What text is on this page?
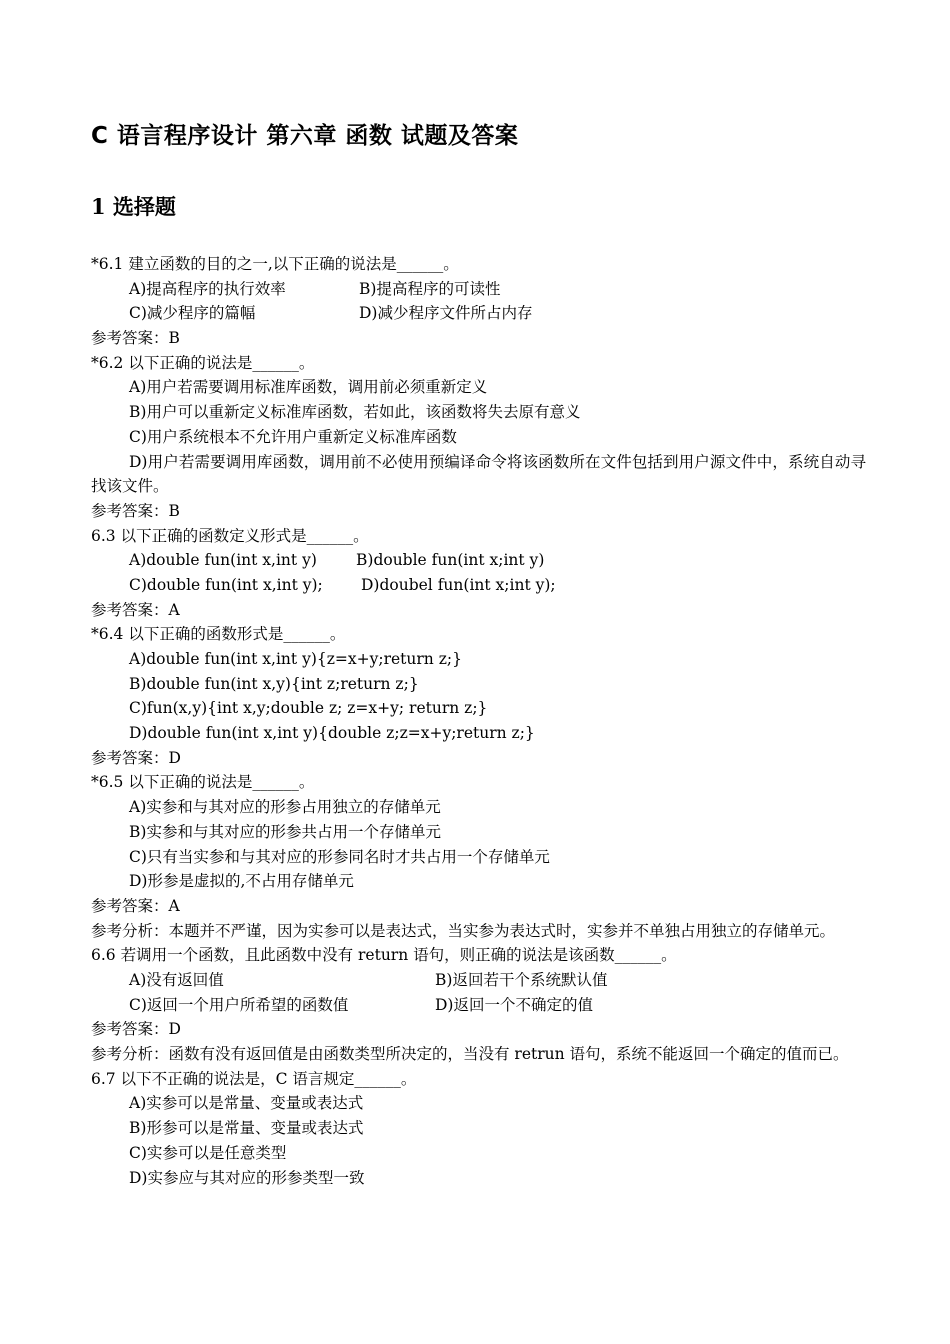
C 语言程序设计 第六章 函数 试题及答案
1 选择题
*6.1 建立函数的目的之一,以下正确的说法是______。
A)提高程序的执行效率	B)提高程序的可读性
C)减少程序的篇幅	D)减少程序文件所占内存
参考答案：B
*6.2 以下正确的说法是______。
A)用户若需要调用标准库函数，调用前必须重新定义
B)用户可以重新定义标准库函数，若如此，该函数将失去原有意义
C)用户系统根本不允许用户重新定义标准库函数
D)用户若需要调用库函数，调用前不必使用预编译命令将该函数所在文件包括到用户源文件中，系统自动寻找该文件。
参考答案：B
6.3 以下正确的函数定义形式是______。
A)double fun(int x,int y)	B)double fun(int x;int y)
C)double fun(int x,int y);	D)doubel fun(int x;int y);
参考答案：A
*6.4 以下正确的函数形式是______。
A)double fun(int x,int y){z=x+y;return z;}
B)double fun(int x,y){int z;return z;}
C)fun(x,y){int x,y;double z; z=x+y; return z;}
D)double fun(int x,int y){double z;z=x+y;return z;}
参考答案：D
*6.5 以下正确的说法是______。
A)实参和与其对应的形参占用独立的存储单元
B)实参和与其对应的形参共占用一个存储单元
C)只有当实参和与其对应的形参同名时才共占用一个存储单元
D)形参是虚拟的,不占用存储单元
参考答案：A
参考分析：本题并不严谨，因为实参可以是表达式，当实参为表达式时，实参并不单独占用独立的存储单元。
6.6 若调用一个函数，且此函数中没有 return 语句，则正确的说法是该函数______。
A)没有返回值	B)返回若干个系统默认值
C)返回一个用户所希望的函数值	D)返回一个不确定的值
参考答案：D
参考分析：函数有没有返回值是由函数类型所决定的，当没有 retrun 语句，系统不能返回一个确定的值而已。
6.7 以下不正确的说法是，C 语言规定______。
A)实参可以是常量、变量或表达式
B)形参可以是常量、变量或表达式
C)实参可以是任意类型
D)实参应与其对应的形参类型一致
